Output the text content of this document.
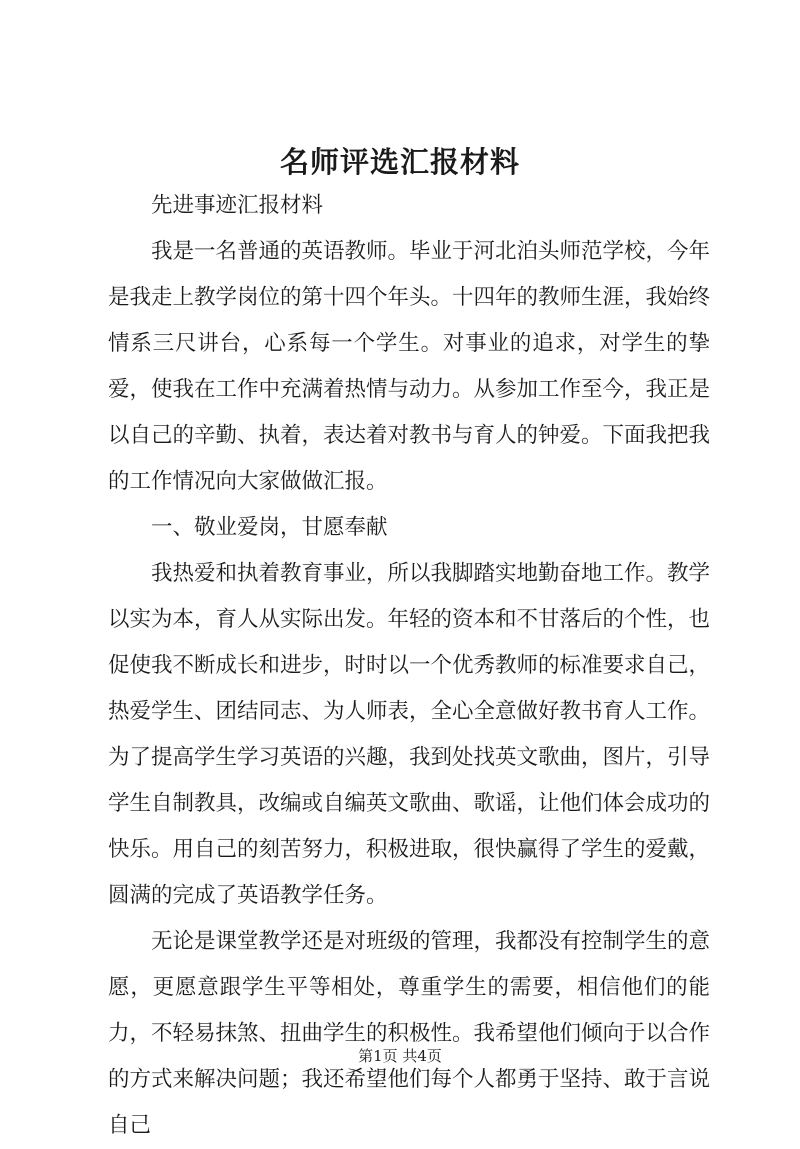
名师评选汇报材料

先进事迹汇报材料

我是一名普通的英语教师。毕业于河北泊头师范学校，今年是我走上教学岗位的第十四个年头。十四年的教师生涯，我始终情系三尺讲台，心系每一个学生。对事业的追求，对学生的挚爱，使我在工作中充满着热情与动力。从参加工作至今，我正是以自己的辛勤、执着，表达着对教书与育人的钟爱。下面我把我的工作情况向大家做做汇报。

一、敬业爱岗，甘愿奉献

我热爱和执着教育事业，所以我脚踏实地勤奋地工作。教学以实为本，育人从实际出发。年轻的资本和不甘落后的个性，也促使我不断成长和进步，时时以一个优秀教师的标准要求自己，热爱学生、团结同志、为人师表，全心全意做好教书育人工作。为了提高学生学习英语的兴趣，我到处找英文歌曲，图片，引导学生自制教具，改编或自编英文歌曲、歌谣，让他们体会成功的快乐。用自己的刻苦努力，积极进取，很快赢得了学生的爱戴，圆满的完成了英语教学任务。

无论是课堂教学还是对班级的管理，我都没有控制学生的意愿，更愿意跟学生平等相处，尊重学生的需要，相信他们的能力，不轻易抹煞、扭曲学生的积极性。我希望他们倾向于以合作的方式来解决问题；我还希望他们每个人都勇于坚持、敢于言说自己

第1页 共4页
